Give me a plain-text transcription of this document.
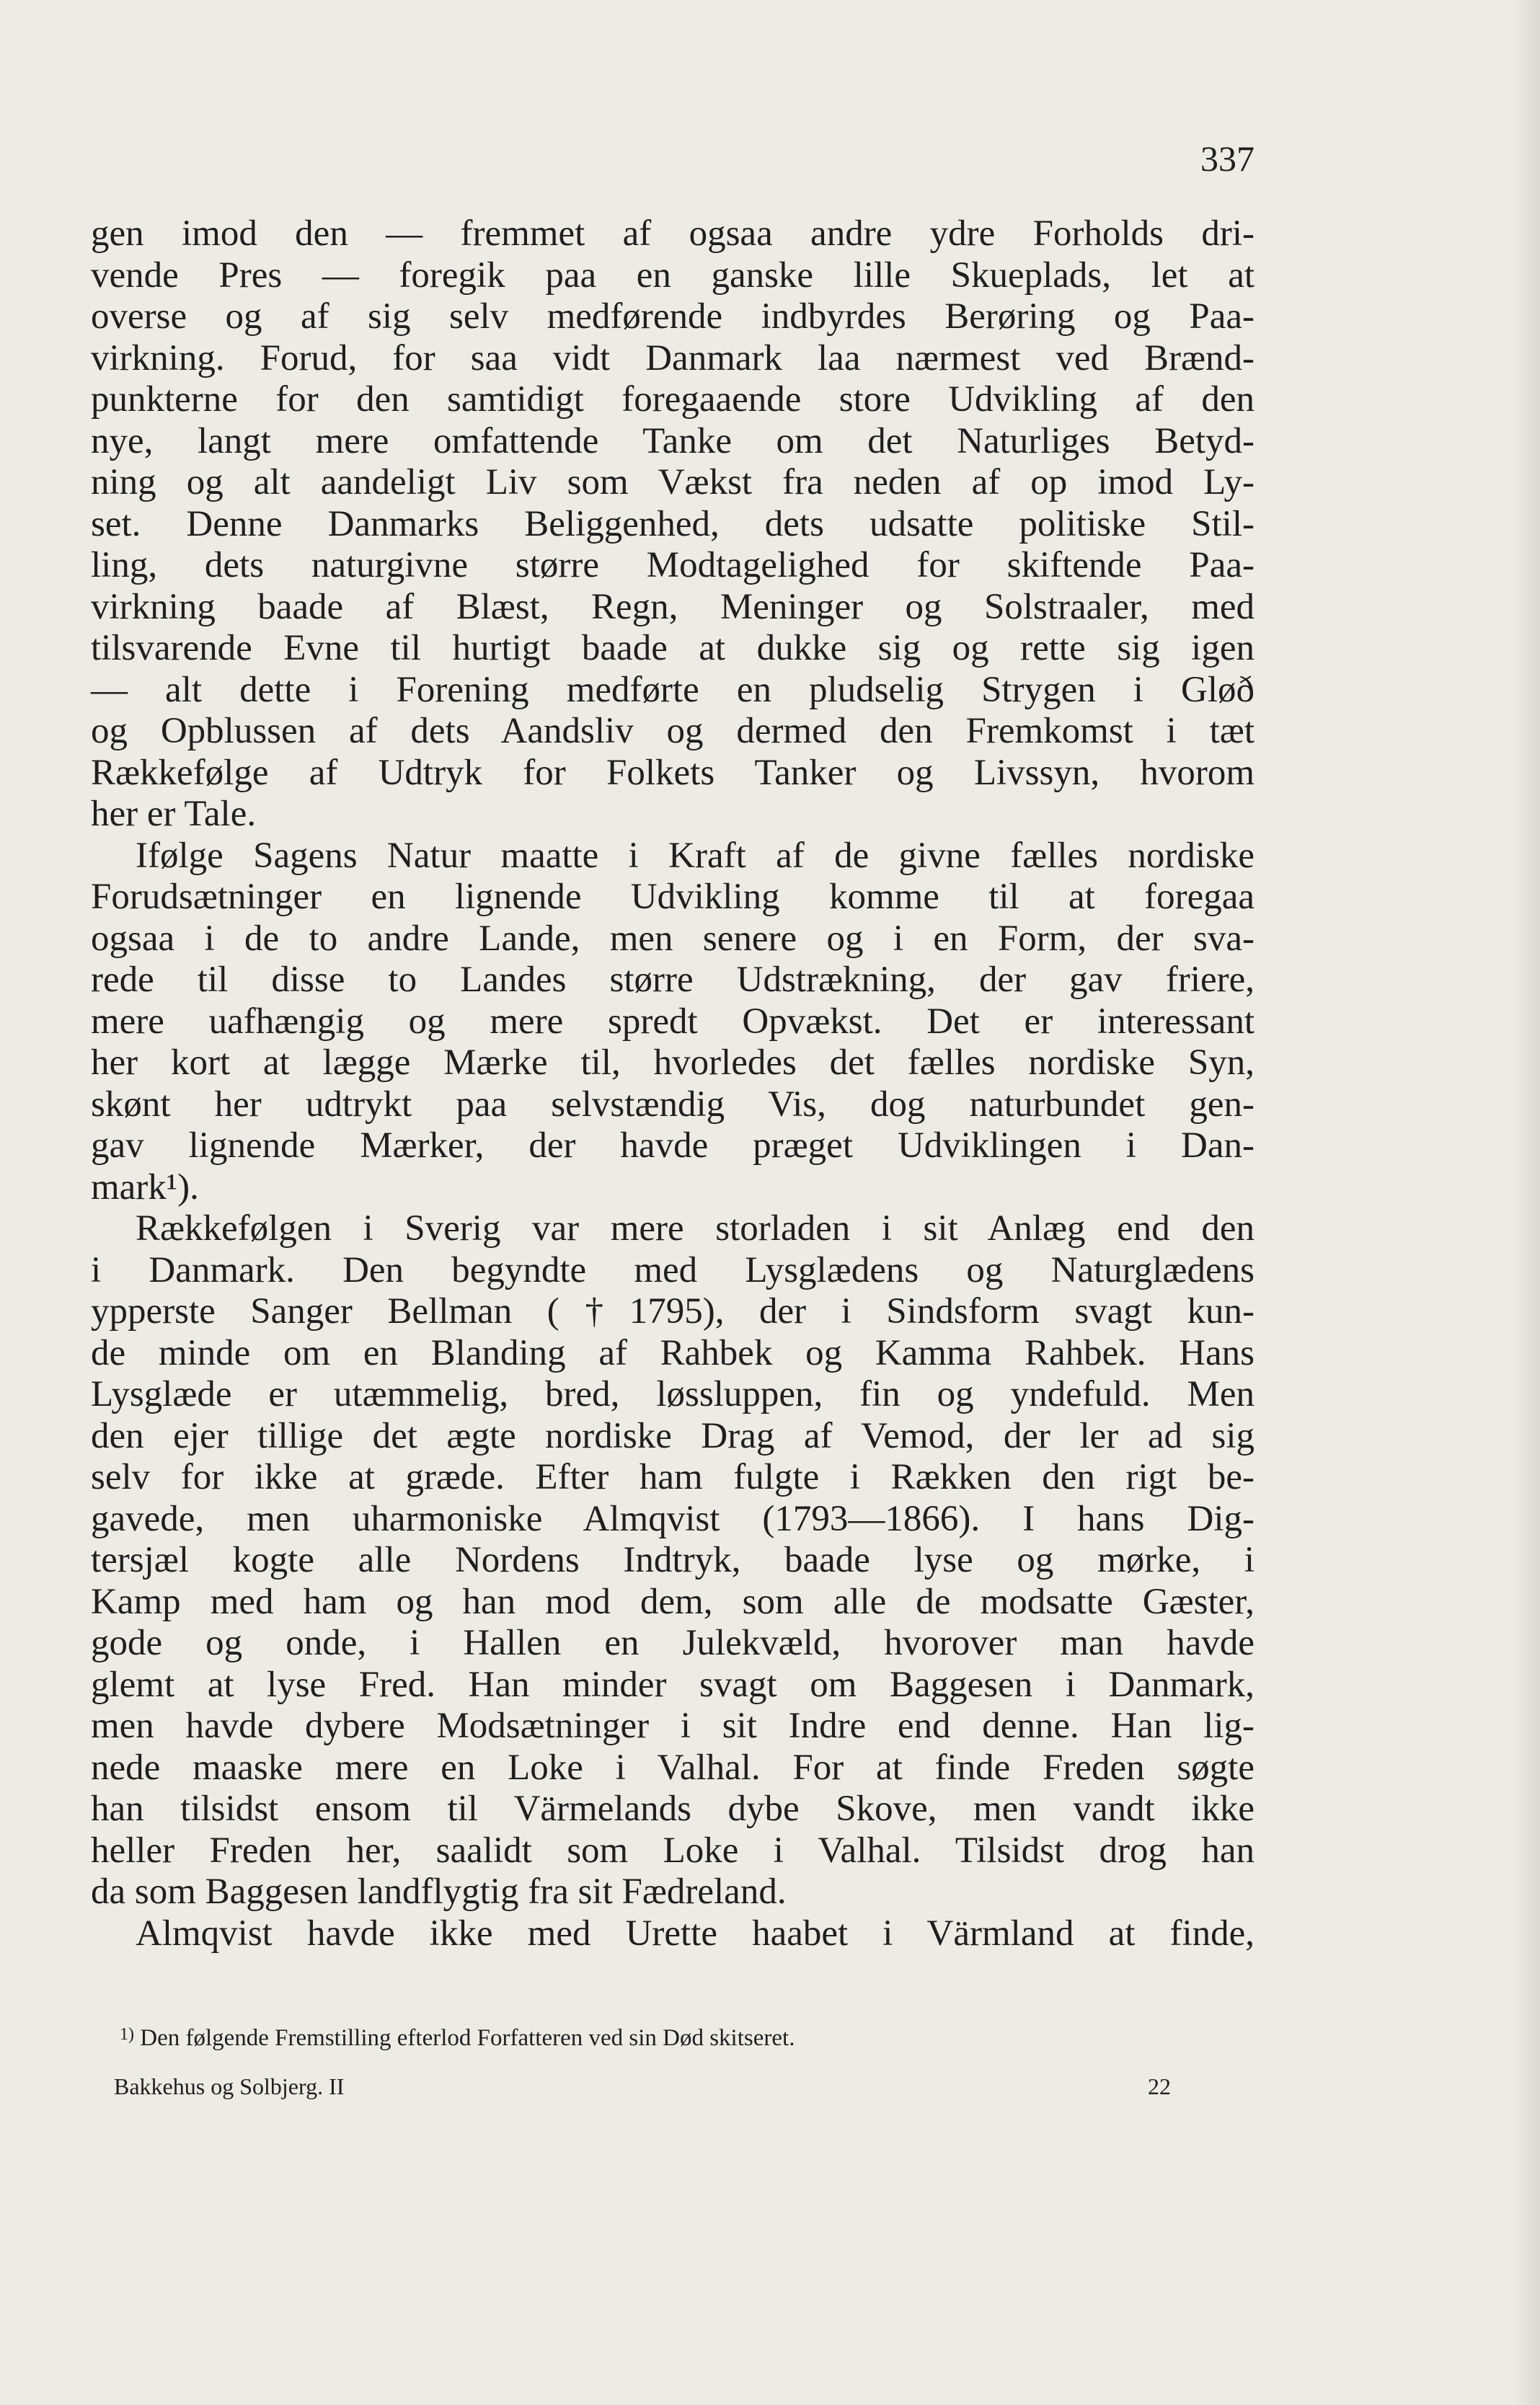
337
gen imod den — fremmet af ogsaa andre ydre Forholds dri-
vende Pres — foregik paa en ganske lille Skueplads, let at
overse og af sig selv medførende indbyrdes Berøring og Paa-
virkning. Forud, for saa vidt Danmark laa nærmest ved Brænd-
punkterne for den samtidigt foregaaende store Udvikling af den
nye, langt mere omfattende Tanke om det Naturliges Betyd-
ning og alt aandeligt Liv som Vækst fra neden af op imod Ly-
set. Denne Danmarks Beliggenhed, dets udsatte politiske Stil-
ling, dets naturgivne større Modtagelighed for skiftende Paa-
virkning baade af Blæst, Regn, Meninger og Solstraaler, med
tilsvarende Evne til hurtigt baade at dukke sig og rette sig igen
— alt dette i Forening medførte en pludselig Strygen i Gløð
og Opblussen af dets Aandsliv og dermed den Fremkomst i tæt
Rækkefølge af Udtryk for Folkets Tanker og Livssyn, hvorom
her er Tale.
Ifølge Sagens Natur maatte i Kraft af de givne fælles nordiske
Forudsætninger en lignende Udvikling komme til at foregaa
ogsaa i de to andre Lande, men senere og i en Form, der sva-
rede til disse to Landes større Udstrækning, der gav friere,
mere uafhængig og mere spredt Opvækst. Det er interessant
her kort at lægge Mærke til, hvorledes det fælles nordiske Syn,
skønt her udtrykt paa selvstændig Vis, dog naturbundet gen-
gav lignende Mærker, der havde præget Udviklingen i Dan-
mark¹).
Rækkefølgen i Sverig var mere storladen i sit Anlæg end den
i Danmark. Den begyndte med Lysglædens og Naturglædens
ypperste Sanger Bellman (†1795), der i Sindsform svagt kun-
de minde om en Blanding af Rahbek og Kamma Rahbek. Hans
Lysglæde er utæmmelig, bred, løssluppen, fin og yndefuld. Men
den ejer tillige det ægte nordiske Drag af Vemod, der ler ad sig
selv for ikke at græde. Efter ham fulgte i Rækken den rigt be-
gavede, men uharmoniske Almqvist (1793—1866). I hans Dig-
tersjæl kogte alle Nordens Indtryk, baade lyse og mørke, i
Kamp med ham og han mod dem, som alle de modsatte Gæster,
gode og onde, i Hallen en Julekvæld, hvorover man havde
glemt at lyse Fred. Han minder svagt om Baggesen i Danmark,
men havde dybere Modsætninger i sit Indre end denne. Han lig-
nede maaske mere en Loke i Valhal. For at finde Freden søgte
han tilsidst ensom til Värmelands dybe Skove, men vandt ikke
heller Freden her, saalidt som Loke i Valhal. Tilsidst drog han
da som Baggesen landflygtig fra sit Fædreland.
Almqvist havde ikke med Urette haabet i Värmland at finde,
$^{1)}$ Den følgende Fremstilling efterlod Forfatteren ved sin Død skitseret.
Bakkehus og Solbjerg. II	22
